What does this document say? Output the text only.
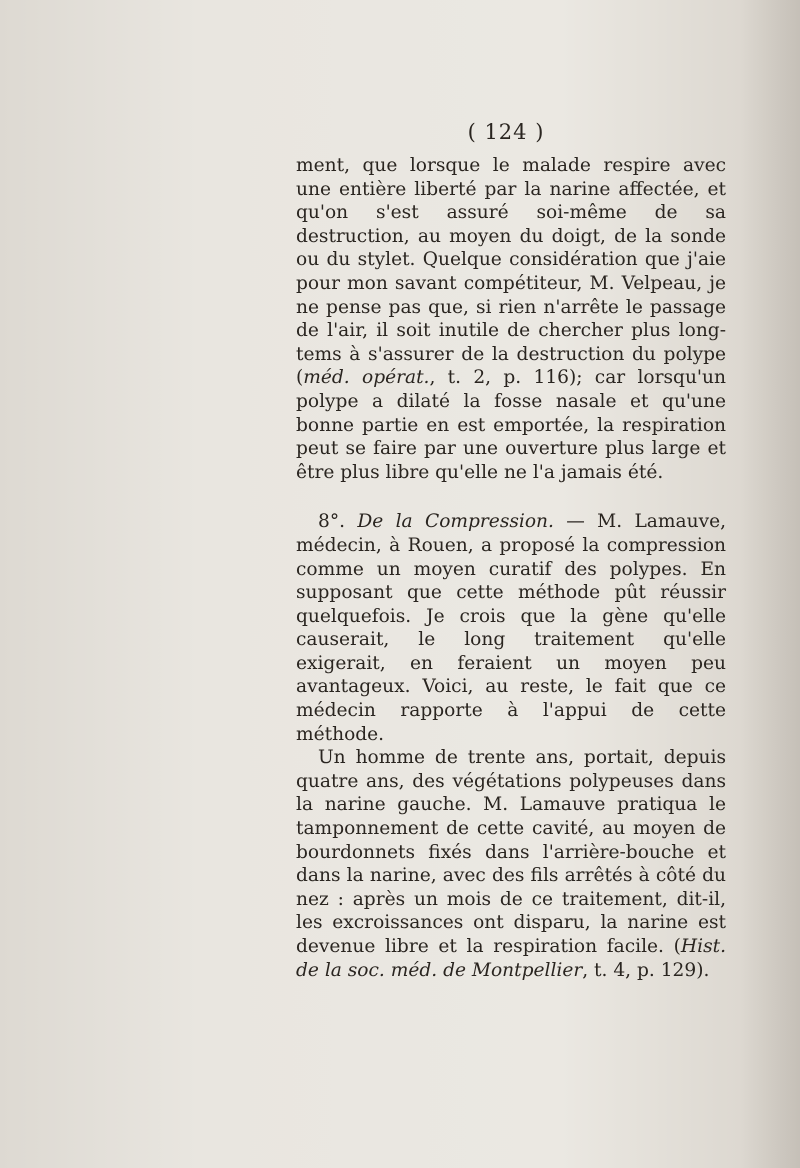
( 124 )

ment, que lorsque le malade respire avec une entière liberté par la narine affectée, et qu'on s'est assuré soi-même de sa destruction, au moyen du doigt, de la sonde ou du stylet. Quelque considération que j'aie pour mon savant compétiteur, M. Velpeau, je ne pense pas que, si rien n'arrête le passage de l'air, il soit inutile de chercher plus long-tems à s'assurer de la destruction du polype (méd. opérat., t. 2, p. 116); car lorsqu'un polype a dilaté la fosse nasale et qu'une bonne partie en est emportée, la respiration peut se faire par une ouverture plus large et être plus libre qu'elle ne l'a jamais été.

8°. De la Compression. — M. Lamauve, médecin, à Rouen, a proposé la compression comme un moyen curatif des polypes. En supposant que cette méthode pût réussir quelquefois. Je crois que la gène qu'elle causerait, le long traitement qu'elle exigerait, en feraient un moyen peu avantageux. Voici, au reste, le fait que ce médecin rapporte à l'appui de cette méthode.

Un homme de trente ans, portait, depuis quatre ans, des végétations polypeuses dans la narine gauche. M. Lamauve pratiqua le tamponnement de cette cavité, au moyen de bourdonnets fixés dans l'arrière-bouche et dans la narine, avec des fils arrêtés à côté du nez : après un mois de ce traitement, dit-il, les excroissances ont disparu, la narine est devenue libre et la respiration facile. (Hist. de la soc. méd. de Montpellier, t. 4, p. 129).
